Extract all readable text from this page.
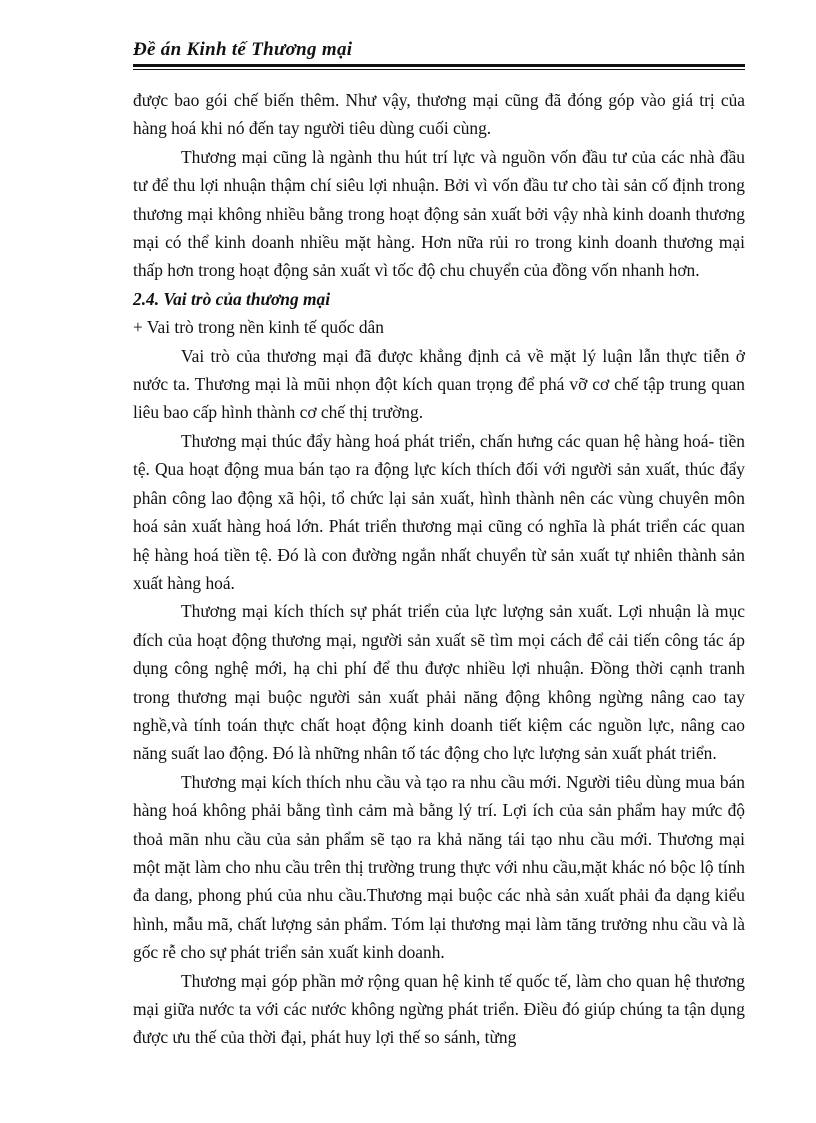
Đề án Kinh tế Thương mại

được bao gói chế biến thêm. Như vậy, thương mại cũng đã đóng góp vào giá trị của hàng hoá khi nó đến tay người tiêu dùng cuối cùng.

Thương mại cũng là ngành thu hút trí lực và nguồn vốn đầu tư của các nhà đầu tư để thu lợi nhuận thậm chí siêu lợi nhuận. Bởi vì vốn đầu tư cho tài sản cố định trong thương mại không nhiều bằng trong hoạt động sản xuất bởi vậy nhà kinh doanh thương mại có thể kinh doanh nhiều mặt hàng. Hơn nữa rủi ro trong kinh doanh thương mại thấp hơn trong hoạt động sản xuất vì tốc độ chu chuyển của đồng vốn nhanh hơn.

2.4. Vai trò của thương mại

+ Vai trò trong nền kinh tế quốc dân

Vai trò của thương mại đã được khẳng định cả về mặt lý luận lẫn thực tiễn ở nước ta. Thương mại là mũi nhọn đột kích quan trọng để phá vỡ cơ chế tập trung quan liêu bao cấp hình thành cơ chế thị trường.

Thương mại thúc đẩy hàng hoá phát triển, chấn hưng các quan hệ hàng hoá- tiền tệ. Qua hoạt động mua bán tạo ra động lực kích thích đối với người sản xuất, thúc đẩy phân công lao động xã hội, tổ chức lại sản xuất, hình thành nên các vùng chuyên môn hoá sản xuất hàng hoá lớn. Phát triển thương mại cũng có nghĩa là phát triển các quan hệ hàng hoá tiền tệ. Đó là con đường ngắn nhất chuyển từ sản xuất tự nhiên thành sản xuất hàng hoá.

Thương mại kích thích sự phát triển của lực lượng sản xuất. Lợi nhuận là mục đích của hoạt động thương mại, người sản xuất sẽ tìm mọi cách để cải tiến công tác áp dụng công nghệ mới, hạ chi phí để thu được nhiều lợi nhuận. Đồng thời cạnh tranh trong thương mại buộc người sản xuất phải năng động không ngừng nâng cao tay nghề,và tính toán thực chất hoạt động kinh doanh tiết kiệm các nguồn lực, nâng cao năng suất lao động. Đó là những nhân tố tác động cho lực lượng sản xuất phát triển.

Thương mại kích thích nhu cầu và tạo ra nhu cầu mới. Người tiêu dùng mua bán hàng hoá không phải bằng tình cảm mà bằng lý trí. Lợi ích của sản phẩm hay mức độ thoả mãn nhu cầu của sản phẩm sẽ tạo ra khả năng tái tạo nhu cầu mới. Thương mại một mặt làm cho nhu cầu trên thị trường trung thực với nhu cầu,mặt khác nó bộc lộ tính đa dang, phong phú của nhu cầu.Thương mại buộc các nhà sản xuất phải đa dạng kiểu hình, mẫu mã, chất lượng sản phẩm. Tóm lại thương mại làm tăng trưởng nhu cầu và là gốc rễ cho sự phát triển sản xuất kinh doanh.

Thương mại góp phần mở rộng quan hệ kinh tế quốc tế, làm cho quan hệ thương mại giữa nước ta với các nước không ngừng phát triển. Điều đó giúp chúng ta tận dụng được ưu thế của thời đại, phát huy lợi thế so sánh, từng
